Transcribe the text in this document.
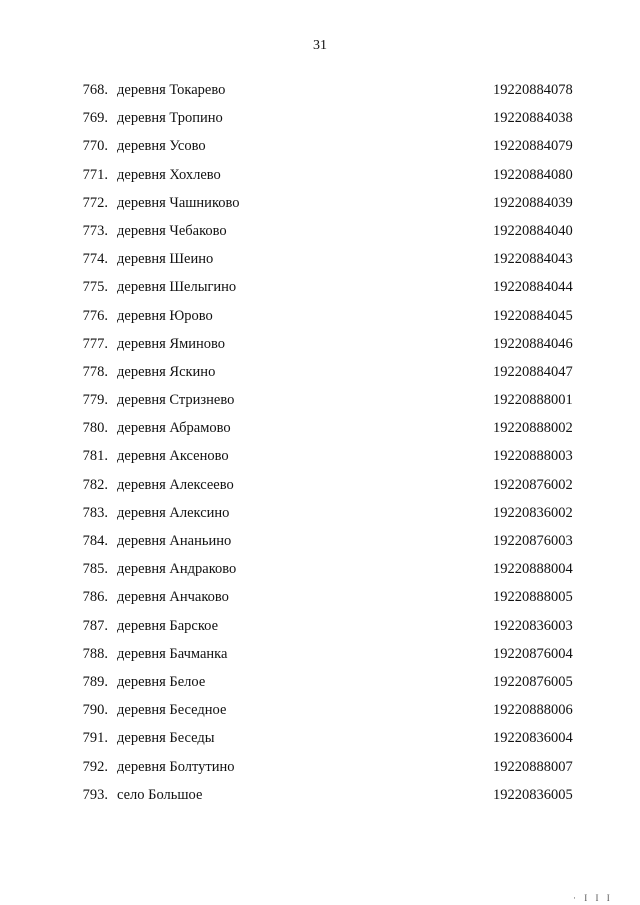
31
768. деревня Токарево	19220884078
769. деревня Тропино	19220884038
770. деревня Усово	19220884079
771. деревня Хохлево	19220884080
772. деревня Чашниково	19220884039
773. деревня Чебаково	19220884040
774. деревня Шеино	19220884043
775. деревня Шелыгино	19220884044
776. деревня Юрово	19220884045
777. деревня Яминово	19220884046
778. деревня Яскино	19220884047
779. деревня Стризнево	19220888001
780. деревня Абрамово	19220888002
781. деревня Аксеново	19220888003
782. деревня Алексеево	19220876002
783. деревня Алексино	19220836002
784. деревня Ананьино	19220876003
785. деревня Андраково	19220888004
786. деревня Анчаково	19220888005
787. деревня Барское	19220836003
788. деревня Бачманка	19220876004
789. деревня Белое	19220876005
790. деревня Беседное	19220888006
791. деревня Беседы	19220836004
792. деревня Болтутино	19220888007
793. село Большое	19220836005
· I I I
